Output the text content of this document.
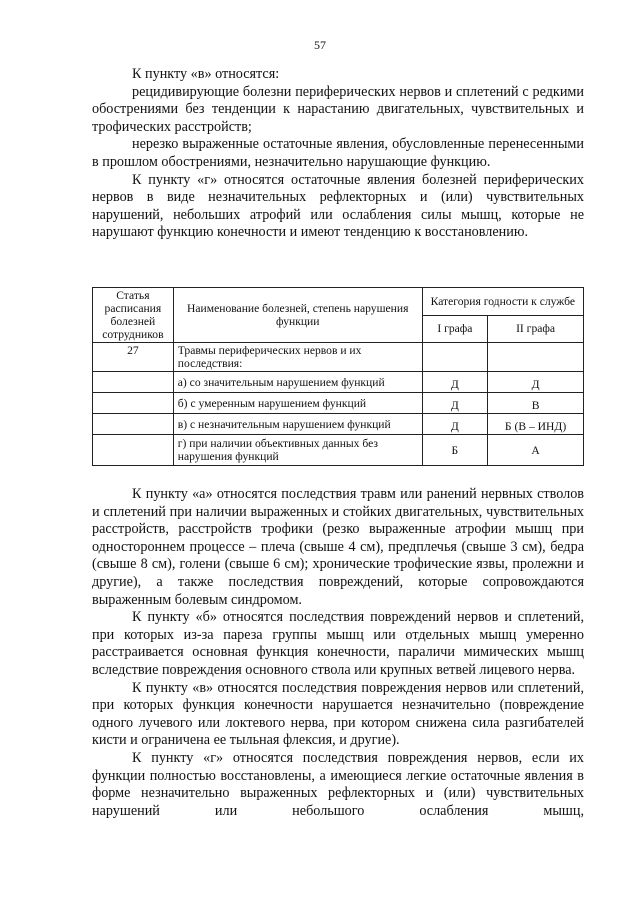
57

К пункту «в» относятся:

рецидивирующие болезни периферических нервов и сплетений с редкими обострениями без тенденции к нарастанию двигательных, чувствительных и трофических расстройств;

нерезко выраженные остаточные явления, обусловленные перенесенными в прошлом обострениями, незначительно нарушающие функцию.

К пункту «г» относятся остаточные явления болезней периферических нервов в виде незначительных рефлекторных и (или) чувствительных нарушений, небольших атрофий или ослабления силы мышц, которые не нарушают функцию конечности и имеют тенденцию к восстановлению.

Статья расписания болезней сотрудников	Наименование болезней, степень нарушения функции	Категория годности к службе	
		I графа	II графа
27	Травмы периферических нервов и их последствия:		
	а) со значительным нарушением функций	Д	Д
	б) с умеренным нарушением функций	Д	В
	в) с незначительным нарушением функций	Д	Б (В – ИНД)
	г) при наличии объективных данных без нарушения функций	Б	А

К пункту «а» относятся последствия травм или ранений нервных стволов и сплетений при наличии выраженных и стойких двигательных, чувствительных расстройств, расстройств трофики (резко выраженные атрофии мышц при одностороннем процессе – плеча (свыше 4 см), предплечья (свыше 3 см), бедра (свыше 8 см), голени (свыше 6 см); хронические трофические язвы, пролежни и другие), а также последствия повреждений, которые сопровождаются выраженным болевым синдромом.

К пункту «б» относятся последствия повреждений нервов и сплетений, при которых из-за пареза группы мышц или отдельных мышц умеренно расстраивается основная функция конечности, параличи мимических мышц вследствие повреждения основного ствола или крупных ветвей лицевого нерва.

К пункту «в» относятся последствия повреждения нервов или сплетений, при которых функция конечности нарушается незначительно (повреждение одного лучевого или локтевого нерва, при котором снижена сила разгибателей кисти и ограничена ее тыльная флексия, и другие).

К пункту «г» относятся последствия повреждения нервов, если их функции полностью восстановлены, а имеющиеся легкие остаточные явления в форме незначительно выраженных рефлекторных и (или) чувствительных нарушений или небольшого ослабления мышц,
